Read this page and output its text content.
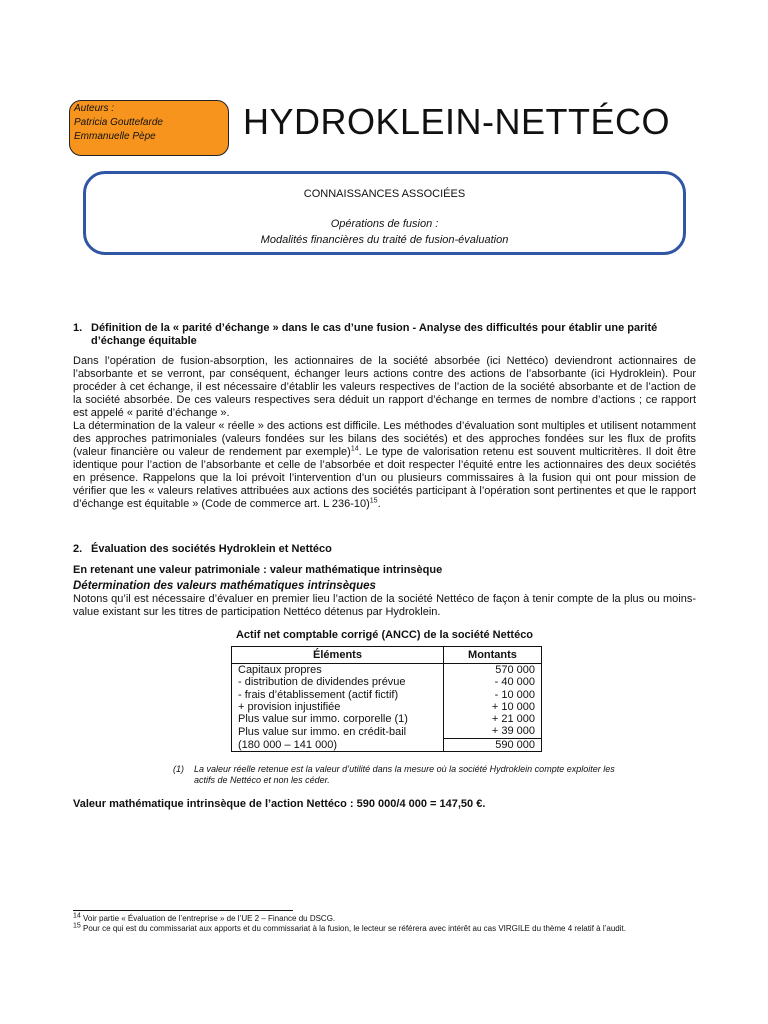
Auteurs :
Patricia Gouttefarde
Emmanuelle Pèpe	HYDROKLEIN-NETTÉCO
CONNAISSANCES ASSOCIÉES
Opérations de fusion :
Modalités financières du traité de fusion-évaluation
1. Définition de la « parité d’échange » dans le cas d’une fusion - Analyse des difficultés pour établir une parité d’échange équitable

Dans l’opération de fusion-absorption, les actionnaires de la société absorbée (ici Nettéco) deviendront actionnaires de l’absorbante et se verront, par conséquent, échanger leurs actions contre des actions de l’absorbante (ici Hydroklein). Pour procéder à cet échange, il est nécessaire d’établir les valeurs respectives de l’action de la société absorbante et de l’action de la société absorbée. De ces valeurs respectives sera déduit un rapport d’échange en termes de nombre d’actions ; ce rapport est appelé « parité d’échange ».

La détermination de la valeur « réelle » des actions est difficile. Les méthodes d’évaluation sont multiples et utilisent notamment des approches patrimoniales (valeurs fondées sur les bilans des sociétés) et des approches fondées sur les flux de profits (valeur financière ou valeur de rendement par exemple)$^{14}$. Le type de valorisation retenu est souvent multicritères. Il doit être identique pour l’action de l’absorbante et celle de l’absorbée et doit respecter l’équité entre les actionnaires des deux sociétés en présence. Rappelons que la loi prévoit l’intervention d’un ou plusieurs commissaires à la fusion qui ont pour mission de vérifier que les « valeurs relatives attribuées aux actions des sociétés participant à l’opération sont pertinentes et que le rapport d’échange est équitable » (Code de commerce art. L 236-10)$^{15}$.

2. Évaluation des sociétés Hydroklein et Nettéco
En retenant une valeur patrimoniale : valeur mathématique intrinsèque
Détermination des valeurs mathématiques intrinsèques

Notons qu’il est nécessaire d’évaluer en premier lieu l’action de la société Nettéco de façon à tenir compte de la plus ou moins-value existant sur les titres de participation Nettéco détenus par Hydroklein.

Actif net comptable corrigé (ANCC) de la société Nettéco
Éléments	Montants
Capitaux propres	570 000
- distribution de dividendes prévue	- 40 000
- frais d’établissement (actif fictif)	- 10 000
+ provision injustifiée	+ 10 000
Plus value sur immo. corporelle (1)	+ 21 000
Plus value sur immo. en crédit-bail	+ 39 000
(180 000 – 141 000)	590 000
(1)	La valeur réelle retenue est la valeur d’utilité dans la mesure où la société Hydroklein compte exploiter les actifs de Nettéco et non les céder.
Valeur mathématique intrinsèque de l’action Nettéco : 590 000/4 000 = 147,50 €.
$^{14}$ Voir partie « Évaluation de l’entreprise » de l’UE 2 – Finance du DSCG.
$^{15}$ Pour ce qui est du commissariat aux apports et du commissariat à la fusion, le lecteur se référera avec intérêt au cas VIRGILE du thème 4 relatif à l’audit.
